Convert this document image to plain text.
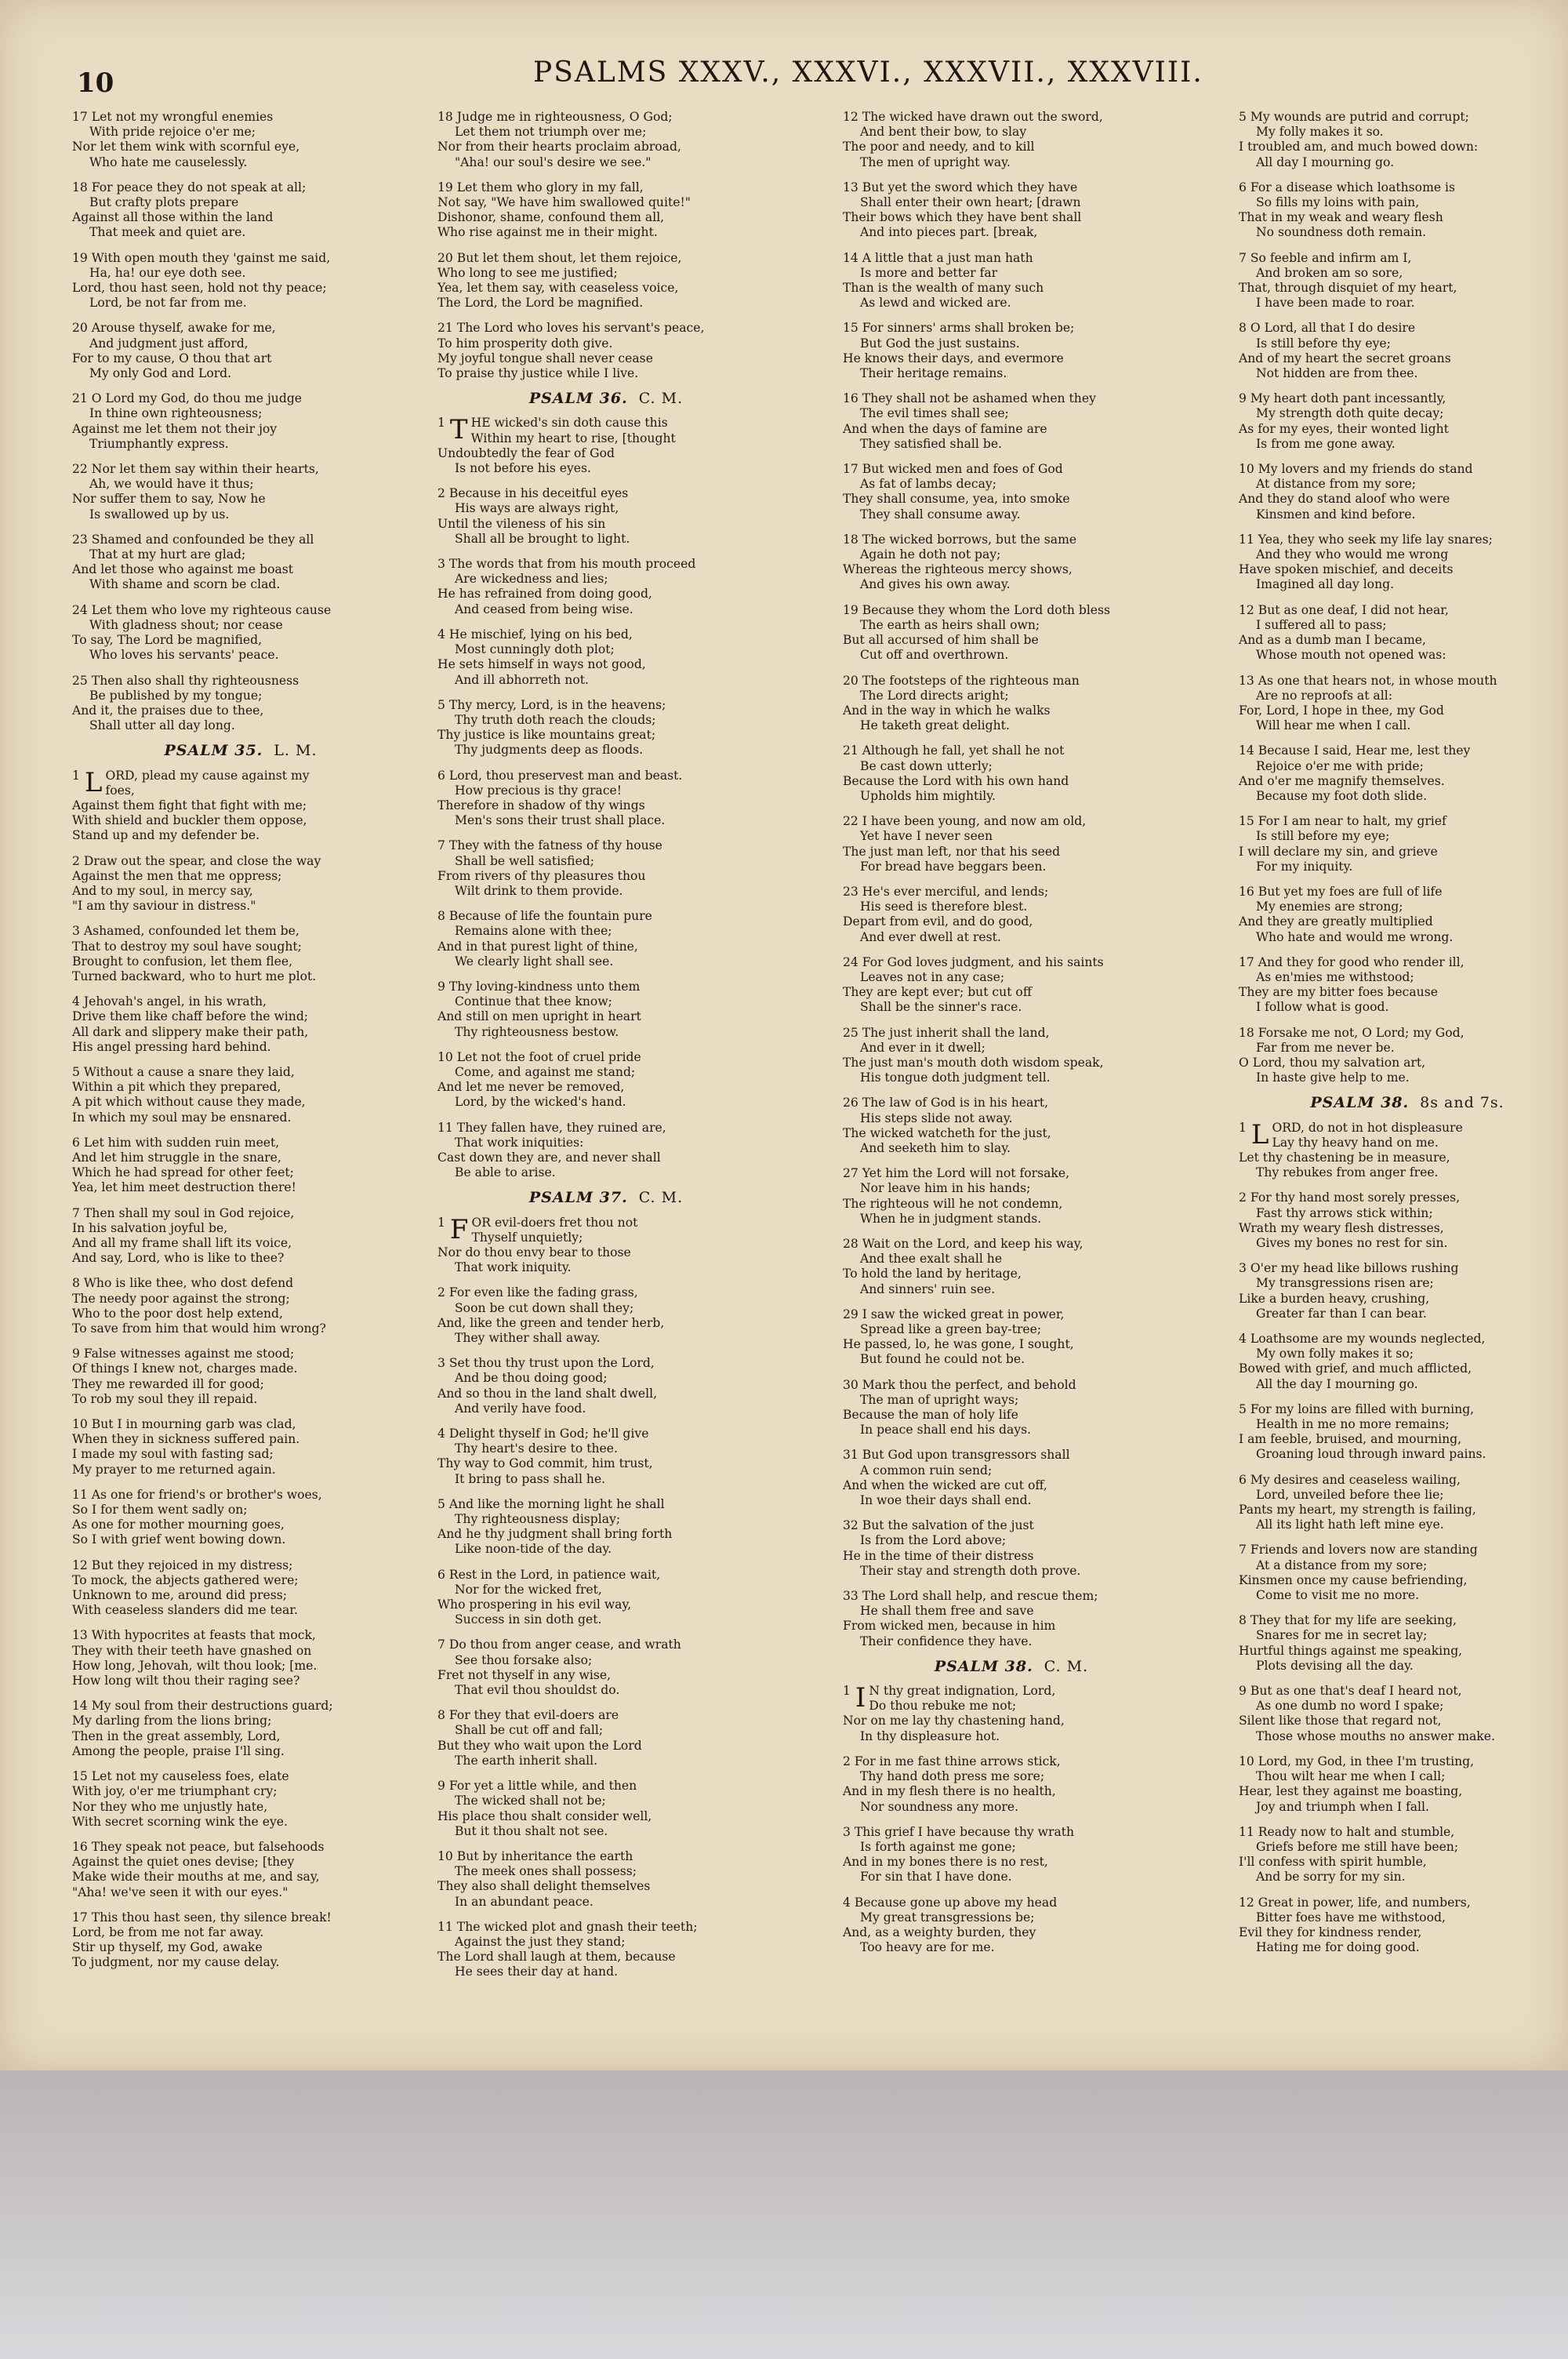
10	PSALMS XXXV., XXXVI., XXXVII., XXXVIII.
17 Let not my wrongful enemies
With pride rejoice o'er me;
Nor let them wink with scornful eye,
Who hate me causelessly.
18 For peace they do not speak at all;
But crafty plots prepare
Against all those within the land
That meek and quiet are.
19 With open mouth they 'gainst me said,
Ha, ha! our eye doth see.
Lord, thou hast seen, hold not thy peace;
Lord, be not far from me.
20 Arouse thyself, awake for me,
And judgment just afford,
For to my cause, O thou that art
My only God and Lord.
21 O Lord my God, do thou me judge
In thine own righteousness;
Against me let them not their joy
Triumphantly express.
22 Nor let them say within their hearts,
Ah, we would have it thus;
Nor suffer them to say, Now he
Is swallowed up by us.
23 Shamed and confounded be they all
That at my hurt are glad;
And let those who against me boast
With shame and scorn be clad.
24 Let them who love my righteous cause
With gladness shout; nor cease
To say, The Lord be magnified,
Who loves his servants' peace.
25 Then also shall thy righteousness
Be published by my tongue;
And it, the praises due to thee,
Shall utter all day long.
PSALM 35. L. M.
1 L ORD, plead my cause against my
foes,
Against them fight that fight with me;
With shield and buckler them oppose,
Stand up and my defender be.
2 Draw out the spear, and close the way
Against the men that me oppress;
And to my soul, in mercy say,
"I am thy saviour in distress."
3 Ashamed, confounded let them be,
That to destroy my soul have sought;
Brought to confusion, let them flee,
Turned backward, who to hurt me plot.
4 Jehovah's angel, in his wrath,
Drive them like chaff before the wind;
All dark and slippery make their path,
His angel pressing hard behind.
5 Without a cause a snare they laid,
Within a pit which they prepared,
A pit which without cause they made,
In which my soul may be ensnared.
6 Let him with sudden ruin meet,
And let him struggle in the snare,
Which he had spread for other feet;
Yea, let him meet destruction there!
7 Then shall my soul in God rejoice,
In his salvation joyful be,
And all my frame shall lift its voice,
And say, Lord, who is like to thee?
8 Who is like thee, who dost defend
The needy poor against the strong;
Who to the poor dost help extend,
To save from him that would him wrong?
9 False witnesses against me stood;
Of things I knew not, charges made.
They me rewarded ill for good;
To rob my soul they ill repaid.
10 But I in mourning garb was clad,
When they in sickness suffered pain.
I made my soul with fasting sad;
My prayer to me returned again.
11 As one for friend's or brother's woes,
So I for them went sadly on;
As one for mother mourning goes,
So I with grief went bowing down.
12 But they rejoiced in my distress;
To mock, the abjects gathered were;
Unknown to me, around did press;
With ceaseless slanders did me tear.
13 With hypocrites at feasts that mock,
They with their teeth have gnashed on
How long, Jehovah, wilt thou look; [me.
How long wilt thou their raging see?
14 My soul from their destructions guard;
My darling from the lions bring;
Then in the great assembly, Lord,
Among the people, praise I'll sing.
15 Let not my causeless foes, elate
With joy, o'er me triumphant cry;
Nor they who me unjustly hate,
With secret scorning wink the eye.
16 They speak not peace, but falsehoods
Against the quiet ones devise; [they
Make wide their mouths at me, and say,
"Aha! we've seen it with our eyes."
17 This thou hast seen, thy silence break!
Lord, be from me not far away.
Stir up thyself, my God, awake
To judgment, nor my cause delay.
18 Judge me in righteousness, O God;
Let them not triumph over me;
Nor from their hearts proclaim abroad,
"Aha! our soul's desire we see."
19 Let them who glory in my fall,
Not say, "We have him swallowed quite!"
Dishonor, shame, confound them all,
Who rise against me in their might.
20 But let them shout, let them rejoice,
Who long to see me justified;
Yea, let them say, with ceaseless voice,
The Lord, the Lord be magnified.
21 The Lord who loves his servant's peace,
To him prosperity doth give.
My joyful tongue shall never cease
To praise thy justice while I live.
PSALM 36. C. M.
1 T HE wicked's sin doth cause this
Within my heart to rise, [thought
Undoubtedly the fear of God
Is not before his eyes.
2 Because in his deceitful eyes
His ways are always right,
Until the vileness of his sin
Shall all be brought to light.
3 The words that from his mouth proceed
Are wickedness and lies;
He has refrained from doing good,
And ceased from being wise.
4 He mischief, lying on his bed,
Most cunningly doth plot;
He sets himself in ways not good,
And ill abhorreth not.
5 Thy mercy, Lord, is in the heavens;
Thy truth doth reach the clouds;
Thy justice is like mountains great;
Thy judgments deep as floods.
6 Lord, thou preservest man and beast.
How precious is thy grace!
Therefore in shadow of thy wings
Men's sons their trust shall place.
7 They with the fatness of thy house
Shall be well satisfied;
From rivers of thy pleasures thou
Wilt drink to them provide.
8 Because of life the fountain pure
Remains alone with thee;
And in that purest light of thine,
We clearly light shall see.
9 Thy loving-kindness unto them
Continue that thee know;
And still on men upright in heart
Thy righteousness bestow.
10 Let not the foot of cruel pride
Come, and against me stand;
And let me never be removed,
Lord, by the wicked's hand.
11 They fallen have, they ruined are,
That work iniquities:
Cast down they are, and never shall
Be able to arise.
PSALM 37. C. M.
1 F OR evil-doers fret thou not
Thyself unquietly;
Nor do thou envy bear to those
That work iniquity.
2 For even like the fading grass,
Soon be cut down shall they;
And, like the green and tender herb,
They wither shall away.
3 Set thou thy trust upon the Lord,
And be thou doing good;
And so thou in the land shalt dwell,
And verily have food.
4 Delight thyself in God; he'll give
Thy heart's desire to thee.
Thy way to God commit, him trust,
It bring to pass shall he.
5 And like the morning light he shall
Thy righteousness display;
And he thy judgment shall bring forth
Like noon-tide of the day.
6 Rest in the Lord, in patience wait,
Nor for the wicked fret,
Who prospering in his evil way,
Success in sin doth get.
7 Do thou from anger cease, and wrath
See thou forsake also;
Fret not thyself in any wise,
That evil thou shouldst do.
8 For they that evil-doers are
Shall be cut off and fall;
But they who wait upon the Lord
The earth inherit shall.
9 For yet a little while, and then
The wicked shall not be;
His place thou shalt consider well,
But it thou shalt not see.
10 But by inheritance the earth
The meek ones shall possess;
They also shall delight themselves
In an abundant peace.
11 The wicked plot and gnash their teeth;
Against the just they stand;
The Lord shall laugh at them, because
He sees their day at hand.
12 The wicked have drawn out the sword,
And bent their bow, to slay
The poor and needy, and to kill
The men of upright way.
13 But yet the sword which they have
Shall enter their own heart; [drawn
Their bows which they have bent shall
And into pieces part. [break,
14 A little that a just man hath
Is more and better far
Than is the wealth of many such
As lewd and wicked are.
15 For sinners' arms shall broken be;
But God the just sustains.
He knows their days, and evermore
Their heritage remains.
16 They shall not be ashamed when they
The evil times shall see;
And when the days of famine are
They satisfied shall be.
17 But wicked men and foes of God
As fat of lambs decay;
They shall consume, yea, into smoke
They shall consume away.
18 The wicked borrows, but the same
Again he doth not pay;
Whereas the righteous mercy shows,
And gives his own away.
19 Because they whom the Lord doth bless
The earth as heirs shall own;
But all accursed of him shall be
Cut off and overthrown.
20 The footsteps of the righteous man
The Lord directs aright;
And in the way in which he walks
He taketh great delight.
21 Although he fall, yet shall he not
Be cast down utterly;
Because the Lord with his own hand
Upholds him mightily.
22 I have been young, and now am old,
Yet have I never seen
The just man left, nor that his seed
For bread have beggars been.
23 He's ever merciful, and lends;
His seed is therefore blest.
Depart from evil, and do good,
And ever dwell at rest.
24 For God loves judgment, and his saints
Leaves not in any case;
They are kept ever; but cut off
Shall be the sinner's race.
25 The just inherit shall the land,
And ever in it dwell;
The just man's mouth doth wisdom speak,
His tongue doth judgment tell.
26 The law of God is in his heart,
His steps slide not away.
The wicked watcheth for the just,
And seeketh him to slay.
27 Yet him the Lord will not forsake,
Nor leave him in his hands;
The righteous will he not condemn,
When he in judgment stands.
28 Wait on the Lord, and keep his way,
And thee exalt shall he
To hold the land by heritage,
And sinners' ruin see.
29 I saw the wicked great in power,
Spread like a green bay-tree;
He passed, lo, he was gone, I sought,
But found he could not be.
30 Mark thou the perfect, and behold
The man of upright ways;
Because the man of holy life
In peace shall end his days.
31 But God upon transgressors shall
A common ruin send;
And when the wicked are cut off,
In woe their days shall end.
32 But the salvation of the just
Is from the Lord above;
He in the time of their distress
Their stay and strength doth prove.
33 The Lord shall help, and rescue them;
He shall them free and save
From wicked men, because in him
Their confidence they have.
PSALM 38. C. M.
1 I N thy great indignation, Lord,
Do thou rebuke me not;
Nor on me lay thy chastening hand,
In thy displeasure hot.
2 For in me fast thine arrows stick,
Thy hand doth press me sore;
And in my flesh there is no health,
Nor soundness any more.
3 This grief I have because thy wrath
Is forth against me gone;
And in my bones there is no rest,
For sin that I have done.
4 Because gone up above my head
My great transgressions be;
And, as a weighty burden, they
Too heavy are for me.
5 My wounds are putrid and corrupt;
My folly makes it so.
I troubled am, and much bowed down:
All day I mourning go.
6 For a disease which loathsome is
So fills my loins with pain,
That in my weak and weary flesh
No soundness doth remain.
7 So feeble and infirm am I,
And broken am so sore,
That, through disquiet of my heart,
I have been made to roar.
8 O Lord, all that I do desire
Is still before thy eye;
And of my heart the secret groans
Not hidden are from thee.
9 My heart doth pant incessantly,
My strength doth quite decay;
As for my eyes, their wonted light
Is from me gone away.
10 My lovers and my friends do stand
At distance from my sore;
And they do stand aloof who were
Kinsmen and kind before.
11 Yea, they who seek my life lay snares;
And they who would me wrong
Have spoken mischief, and deceits
Imagined all day long.
12 But as one deaf, I did not hear,
I suffered all to pass;
And as a dumb man I became,
Whose mouth not opened was:
13 As one that hears not, in whose mouth
Are no reproofs at all:
For, Lord, I hope in thee, my God
Will hear me when I call.
14 Because I said, Hear me, lest they
Rejoice o'er me with pride;
And o'er me magnify themselves.
Because my foot doth slide.
15 For I am near to halt, my grief
Is still before my eye;
I will declare my sin, and grieve
For my iniquity.
16 But yet my foes are full of life
My enemies are strong;
And they are greatly multiplied
Who hate and would me wrong.
17 And they for good who render ill,
As en'mies me withstood;
They are my bitter foes because
I follow what is good.
18 Forsake me not, O Lord; my God,
Far from me never be.
O Lord, thou my salvation art,
In haste give help to me.
PSALM 38. 8s and 7s.
1 L ORD, do not in hot displeasure
Lay thy heavy hand on me.
Let thy chastening be in measure,
Thy rebukes from anger free.
2 For thy hand most sorely presses,
Fast thy arrows stick within;
Wrath my weary flesh distresses,
Gives my bones no rest for sin.
3 O'er my head like billows rushing
My transgressions risen are;
Like a burden heavy, crushing,
Greater far than I can bear.
4 Loathsome are my wounds neglected,
My own folly makes it so;
Bowed with grief, and much afflicted,
All the day I mourning go.
5 For my loins are filled with burning,
Health in me no more remains;
I am feeble, bruised, and mourning,
Groaning loud through inward pains.
6 My desires and ceaseless wailing,
Lord, unveiled before thee lie;
Pants my heart, my strength is failing,
All its light hath left mine eye.
7 Friends and lovers now are standing
At a distance from my sore;
Kinsmen once my cause befriending,
Come to visit me no more.
8 They that for my life are seeking,
Snares for me in secret lay;
Hurtful things against me speaking,
Plots devising all the day.
9 But as one that's deaf I heard not,
As one dumb no word I spake;
Silent like those that regard not,
Those whose mouths no answer make.
10 Lord, my God, in thee I'm trusting,
Thou wilt hear me when I call;
Hear, lest they against me boasting,
Joy and triumph when I fall.
11 Ready now to halt and stumble,
Griefs before me still have been;
I'll confess with spirit humble,
And be sorry for my sin.
12 Great in power, life, and numbers,
Bitter foes have me withstood,
Evil they for kindness render,
Hating me for doing good.
